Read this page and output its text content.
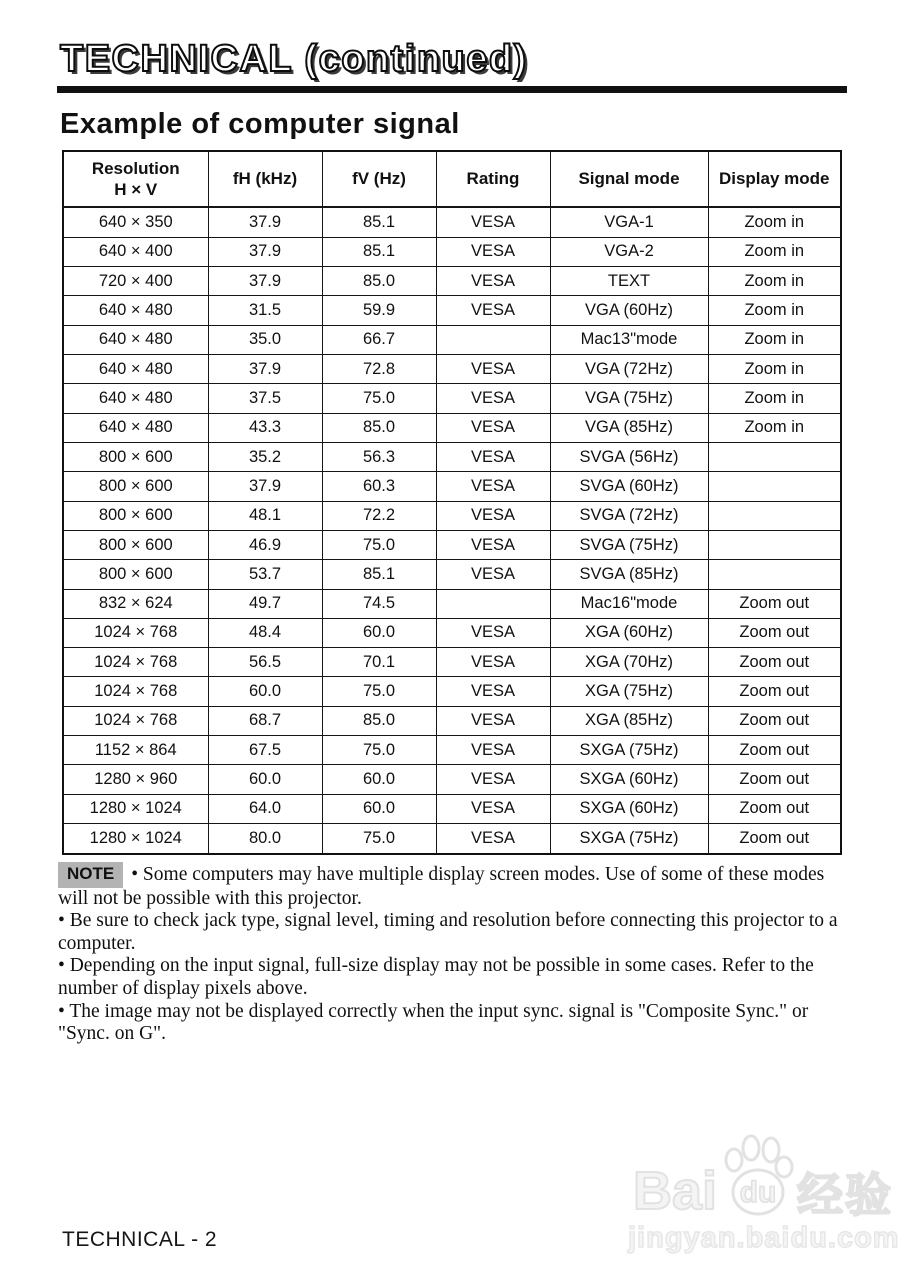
TECHNICAL (continued)
Example of computer signal
Resolution
H × V	fH (kHz)	fV (Hz)	Rating	Signal mode	Display mode
640 × 350	37.9	85.1	VESA	VGA-1	Zoom in
640 × 400	37.9	85.1	VESA	VGA-2	Zoom in
720 × 400	37.9	85.0	VESA	TEXT	Zoom in
640 × 480	31.5	59.9	VESA	VGA (60Hz)	Zoom in
640 × 480	35.0	66.7		Mac13"mode	Zoom in
640 × 480	37.9	72.8	VESA	VGA (72Hz)	Zoom in
640 × 480	37.5	75.0	VESA	VGA (75Hz)	Zoom in
640 × 480	43.3	85.0	VESA	VGA (85Hz)	Zoom in
800 × 600	35.2	56.3	VESA	SVGA (56Hz)	
800 × 600	37.9	60.3	VESA	SVGA (60Hz)	
800 × 600	48.1	72.2	VESA	SVGA (72Hz)	
800 × 600	46.9	75.0	VESA	SVGA (75Hz)	
800 × 600	53.7	85.1	VESA	SVGA (85Hz)	
832 × 624	49.7	74.5		Mac16"mode	Zoom out
1024 × 768	48.4	60.0	VESA	XGA (60Hz)	Zoom out
1024 × 768	56.5	70.1	VESA	XGA (70Hz)	Zoom out
1024 × 768	60.0	75.0	VESA	XGA (75Hz)	Zoom out
1024 × 768	68.7	85.0	VESA	XGA (85Hz)	Zoom out
1152 × 864	67.5	75.0	VESA	SXGA (75Hz)	Zoom out
1280 × 960	60.0	60.0	VESA	SXGA (60Hz)	Zoom out
1280 × 1024	64.0	60.0	VESA	SXGA (60Hz)	Zoom out
1280 × 1024	80.0	75.0	VESA	SXGA (75Hz)	Zoom out

NOTE • Some computers may have multiple display screen modes. Use of some of these modes will not be possible with this projector.

• Be sure to check jack type, signal level, timing and resolution before connecting this projector to a computer.

• Depending on the input signal, full-size display may not be possible in some cases. Refer to the number of display pixels above.

• The image may not be displayed correctly when the input sync. signal is "Composite Sync." or "Sync. on G".

Bai du 经验
jingyan.baidu.com
TECHNICAL - 2
